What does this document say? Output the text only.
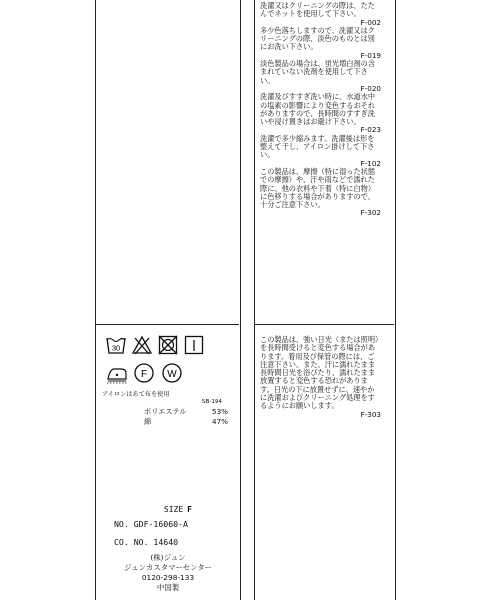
30
F W
アイロンはあて布を使用
SB-194
ポリエステル	53%
綿	47%
SIZE F
NO. GDF-16060-A
CO. NO. 14640
(株)ジュン
ジュンカスタマーセンター
0120-298-133
中国製
洗濯又はクリーニングの際は、たたんでネットを使用して下さい。
F-002
多少色落ちしますので、洗濯又はクリーニングの際、淡色のものとは別にお洗い下さい。
F-019
淡色製品の場合は、蛍光増白剤の含まれていない洗剤を使用して下さい。
F-020
洗濯及びすすぎ洗い時に、水道水中の塩素の影響により変色するおそれがありますので、長時間のすすぎ洗いや浸け置きはお避け下さい。
F-023
洗濯で多少縮みます。洗濯後は形を整えて干し、アイロン掛けして下さい。
F-102
この製品は、摩擦（特に湿った状態での摩擦）や、汗や雨などで濡れた際に、他の衣料や下着（特に白物）に色移りする場合がありますので、十分ご注意下さい。
F-302
この製品は、強い日光（または照明）を長時間受けると変色する場合があります。着用及び保管の際には、ご注意下さい。また、汗に濡れたまま長時間日光を浴びたり、濡れたまま放置すると変色する恐れがあります。日光の下に放置せずに、速やかに洗濯およびクリーニング処理をするようにお願いします。
F-303
